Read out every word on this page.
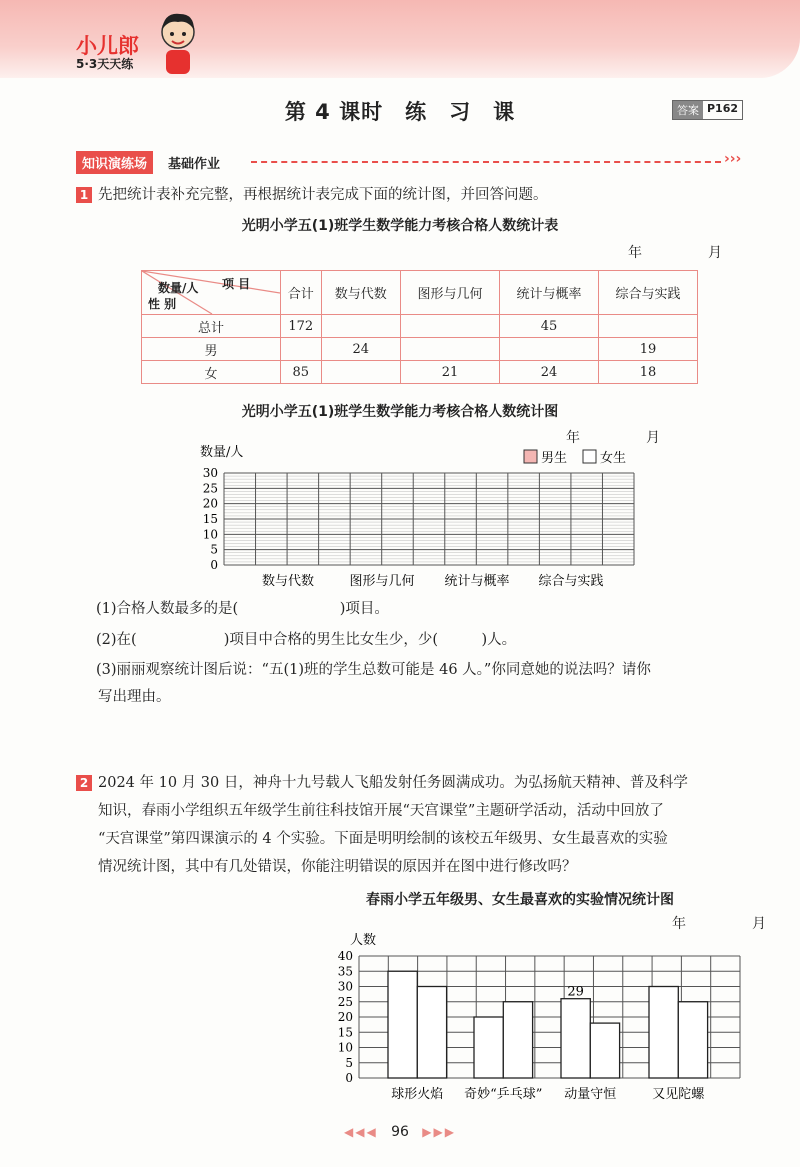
小儿郎
5·3天天练
第 4 课时　练　习　课	答案 P162
知识演练场	基础作业	›››
1 先把统计表补充完整，再根据统计表完成下面的统计图，并回答问题。
光明小学五(1)班学生数学能力考核合格人数统计表
年　月
项 目
数量/人
性 别	合计	数与代数	图形与几何	统计与概率	综合与实践
总计	172			45	
男		24			19
女	85		21	24	18
光明小学五(1)班学生数学能力考核合格人数统计图
年　月
数量/人
0
5
10
15
20
25
30
数与代数	图形与几何 统计与概率 综合与实践
男生	女生
(1)合格人数最多的是(　　　　　　　)项目。
(2)在(　　　　　　)项目中合格的男生比女生少，少(　　　)人。
(3)丽丽观察统计图后说：“五(1)班的学生总数可能是 46 人。”你同意她的说法吗？请你
写出理由。
2 2024 年 10 月 30 日，神舟十九号载人飞船发射任务圆满成功。为弘扬航天精神、普及科学
知识，春雨小学组织五年级学生前往科技馆开展“天宫课堂”主题研学活动，活动中回放了
“天宫课堂”第四课演示的 4 个实验。下面是明明绘制的该校五年级男、女生最喜欢的实验
情况统计图，其中有几处错误，你能注明错误的原因并在图中进行修改吗？
春雨小学五年级男、女生最喜欢的实验情况统计图
年　月
人数
0
5
10
15
20
25
30
35
40
球形火焰 奇妙“乒乓球” 动量守恒	又见陀螺
29
◀◀◀ 96 ▶▶▶
